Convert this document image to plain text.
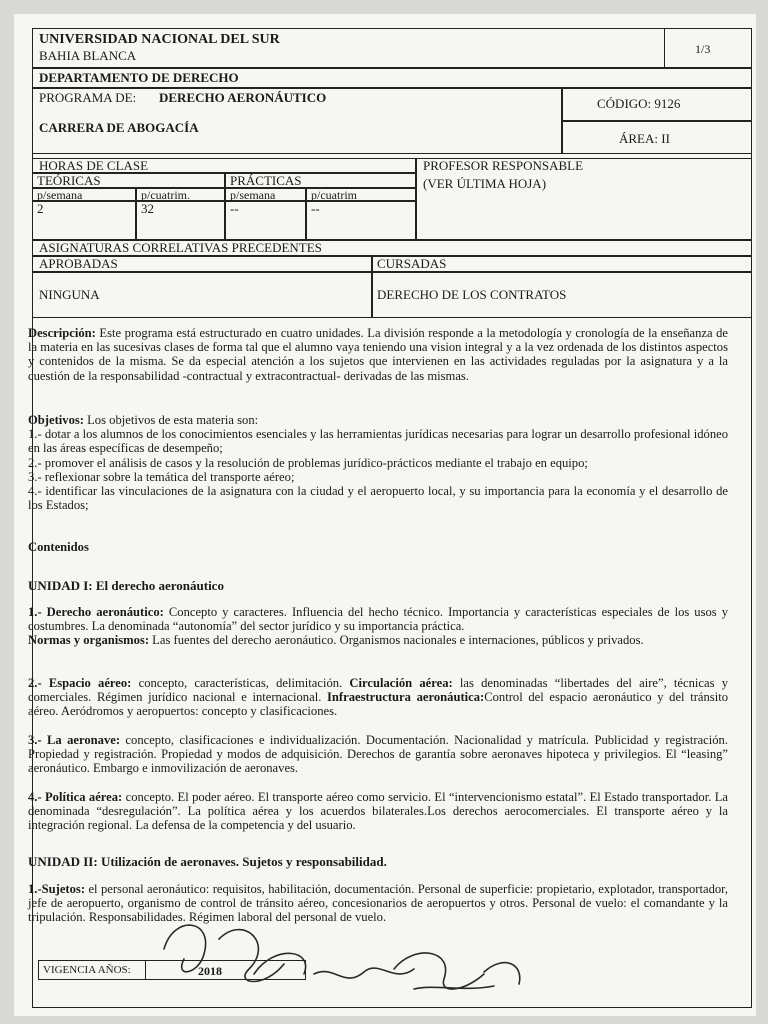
UNIVERSIDAD NACIONAL DEL SUR
BAHIA BLANCA	1/3
DEPARTAMENTO DE DERECHO
PROGRAMA DE: DERECHO AERONÁUTICO
CARRERA DE ABOGACÍA
CÓDIGO: 9126
ÁREA: II
HORAS DE CLASE	PROFESOR RESPONSABLE
(VER ÚLTIMA HOJA)
TEÓRICAS	PRÁCTICAS
p/semana	p/cuatrim.	p/semana	p/cuatrim
2	32	--	--
ASIGNATURAS CORRELATIVAS PRECEDENTES
APROBADAS	CURSADAS
NINGUNA	DERECHO DE LOS CONTRATOS

Descripción: Este programa está estructurado en cuatro unidades. La división responde a la metodología y cronología de la enseñanza de la materia en las sucesivas clases de forma tal que el alumno vaya teniendo una vision integral y a la vez ordenada de los distintos aspectos y contenidos de la misma. Se da especial atención a los sujetos que intervienen en las actividades reguladas por la asignatura y a la cuestión de la responsabilidad -contractual y extracontractual- derivadas de las mismas.

Objetivos: Los objetivos de esta materia son:

1.- dotar a los alumnos de los conocimientos esenciales y las herramientas jurídicas necesarias para lograr un desarrollo profesional idóneo en las áreas específicas de desempeño;

2.- promover el análisis de casos y la resolución de problemas jurídico-prácticos mediante el trabajo en equipo;

3.- reflexionar sobre la temática del transporte aéreo;

4.- identificar las vinculaciones de la asignatura con la ciudad y el aeropuerto local, y su importancia para la economía y el desarrollo de los Estados;

Contenidos
UNIDAD I: El derecho aeronáutico

1.- Derecho aeronáutico: Concepto y caracteres. Influencia del hecho técnico. Importancia y características especiales de los usos y costumbres. La denominada “autonomía” del sector jurídico y su importancia práctica.

Normas y organismos: Las fuentes del derecho aeronáutico. Organismos nacionales e internaciones, públicos y privados.

2.- Espacio aéreo: concepto, características, delimitación. Circulación aérea: las denominadas “libertades del aire”, técnicas y comerciales. Régimen jurídico nacional e internacional. Infraestructura aeronáutica:Control del espacio aeronáutico y del tránsito aéreo. Aeródromos y aeropuertos: concepto y clasificaciones.

3.- La aeronave: concepto, clasificaciones e individualización. Documentación. Nacionalidad y matrícula. Publicidad y registración. Propiedad y registración. Propiedad y modos de adquisición. Derechos de garantía sobre aeronaves hipoteca y privilegios. El “leasing” aeronáutico. Embargo e inmovilización de aeronaves.

4.- Política aérea: concepto. El poder aéreo. El transporte aéreo como servicio. El “intervencionismo estatal”. El Estado transportador. La denominada “desregulación”. La política aérea y los acuerdos bilaterales.Los derechos aerocomerciales. El transporte aéreo y la integración regional. La defensa de la competencia y del usuario.

UNIDAD II: Utilización de aeronaves. Sujetos y responsabilidad.

1.-Sujetos: el personal aeronáutico: requisitos, habilitación, documentación. Personal de superficie: propietario, explotador, transportador, jefe de aeropuerto, organismo de control de tránsito aéreo, concesionarios de aeropuertos y otros. Personal de vuelo: el comandante y la tripulación. Responsabilidades. Régimen laboral del personal de vuelo.

VIGENCIA AÑOS:	2018
